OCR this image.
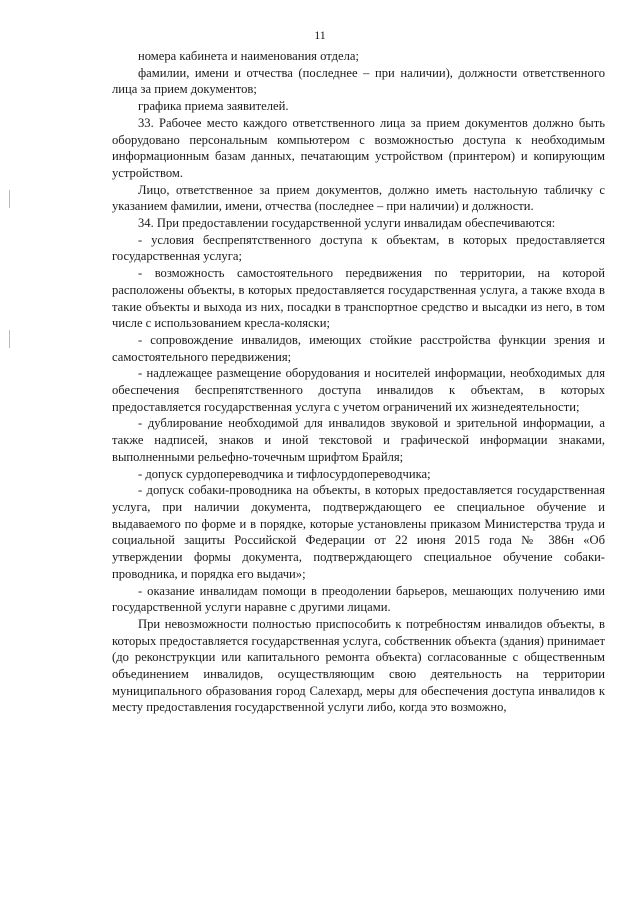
11

номера кабинета и наименования отдела;

фамилии, имени и отчества (последнее – при наличии), должности ответственного лица за прием документов;

графика приема заявителей.

33. Рабочее место каждого ответственного лица за прием документов должно быть оборудовано персональным компьютером с возможностью доступа к необходимым информационным базам данных, печатающим устройством (принтером) и копирующим устройством.

Лицо, ответственное за прием документов, должно иметь настольную табличку с указанием фамилии, имени, отчества (последнее – при наличии) и должности.

34. При предоставлении государственной услуги инвалидам обеспечиваются:

- условия беспрепятственного доступа к объектам, в которых предоставляется государственная услуга;

- возможность самостоятельного передвижения по территории, на которой расположены объекты, в которых предоставляется государственная услуга, а также входа в такие объекты и выхода из них, посадки в транспортное средство и высадки из него, в том числе с использованием кресла-коляски;

- сопровождение инвалидов, имеющих стойкие расстройства функции зрения и самостоятельного передвижения;

- надлежащее размещение оборудования и носителей информации, необходимых для обеспечения беспрепятственного доступа инвалидов к объектам, в которых предоставляется государственная услуга с учетом ограничений их жизнедеятельности;

- дублирование необходимой для инвалидов звуковой и зрительной информации, а также надписей, знаков и иной текстовой и графической информации знаками, выполненными рельефно-точечным шрифтом Брайля;

- допуск сурдопереводчика и тифлосурдопереводчика;

- допуск собаки-проводника на объекты, в которых предоставляется государственная услуга, при наличии документа, подтверждающего ее специальное обучение и выдаваемого по форме и в порядке, которые установлены приказом Министерства труда и социальной защиты Российской Федерации от 22 июня 2015 года № 386н «Об утверждении формы документа, подтверждающего специальное обучение собаки-проводника, и порядка его выдачи»;

- оказание инвалидам помощи в преодолении барьеров, мешающих получению ими государственной услуги наравне с другими лицами.

При невозможности полностью приспособить к потребностям инвалидов объекты, в которых предоставляется государственная услуга, собственник объекта (здания) принимает (до реконструкции или капитального ремонта объекта) согласованные с общественным объединением инвалидов, осуществляющим свою деятельность на территории муниципального образования город Салехард, меры для обеспечения доступа инвалидов к месту предоставления государственной услуги либо, когда это возможно,
